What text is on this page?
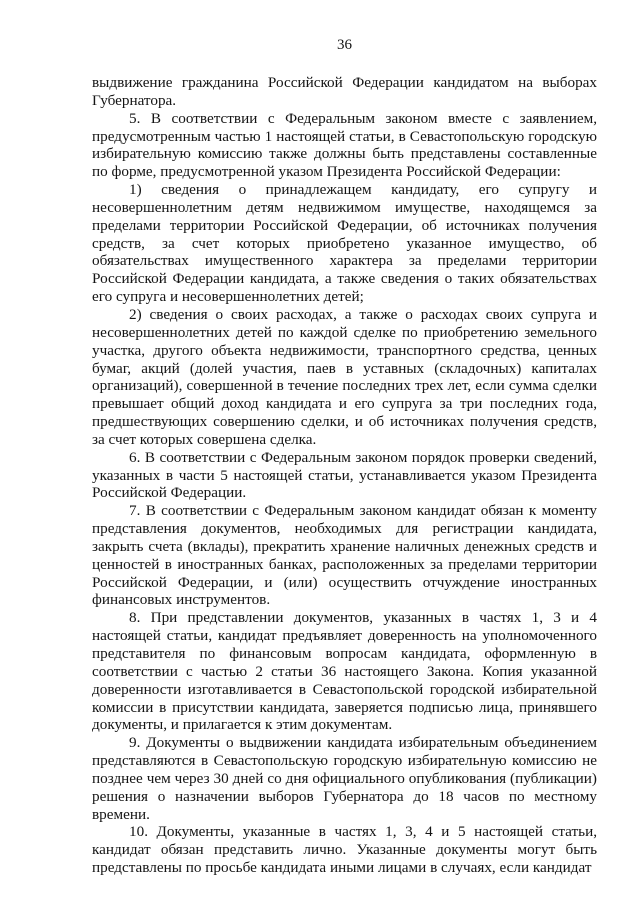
36

выдвижение гражданина Российской Федерации кандидатом на выборах Губернатора.

5. В соответствии с Федеральным законом вместе с заявлением, предусмотренным частью 1 настоящей статьи, в Севастопольскую городскую избирательную комиссию также должны быть представлены составленные по форме, предусмотренной указом Президента Российской Федерации:

1) сведения о принадлежащем кандидату, его супругу и несовершеннолетним детям недвижимом имуществе, находящемся за пределами территории Российской Федерации, об источниках получения средств, за счет которых приобретено указанное имущество, об обязательствах имущественного характера за пределами территории Российской Федерации кандидата, а также сведения о таких обязательствах его супруга и несовершеннолетних детей;

2) сведения о своих расходах, а также о расходах своих супруга и несовершеннолетних детей по каждой сделке по приобретению земельного участка, другого объекта недвижимости, транспортного средства, ценных бумаг, акций (долей участия, паев в уставных (складочных) капиталах организаций), совершенной в течение последних трех лет, если сумма сделки превышает общий доход кандидата и его супруга за три последних года, предшествующих совершению сделки, и об источниках получения средств, за счет которых совершена сделка.

6. В соответствии с Федеральным законом порядок проверки сведений, указанных в части 5 настоящей статьи, устанавливается указом Президента Российской Федерации.

7. В соответствии с Федеральным законом кандидат обязан к моменту представления документов, необходимых для регистрации кандидата, закрыть счета (вклады), прекратить хранение наличных денежных средств и ценностей в иностранных банках, расположенных за пределами территории Российской Федерации, и (или) осуществить отчуждение иностранных финансовых инструментов.

8. При представлении документов, указанных в частях 1, 3 и 4 настоящей статьи, кандидат предъявляет доверенность на уполномоченного представителя по финансовым вопросам кандидата, оформленную в соответствии с частью 2 статьи 36 настоящего Закона. Копия указанной доверенности изготавливается в Севастопольской городской избирательной комиссии в присутствии кандидата, заверяется подписью лица, принявшего документы, и прилагается к этим документам.

9. Документы о выдвижении кандидата избирательным объединением представляются в Севастопольскую городскую избирательную комиссию не позднее чем через 30 дней со дня официального опубликования (публикации) решения о назначении выборов Губернатора до 18 часов по местному времени.

10. Документы, указанные в частях 1, 3, 4 и 5 настоящей статьи, кандидат обязан представить лично. Указанные документы могут быть представлены по просьбе кандидата иными лицами в случаях, если кандидат
